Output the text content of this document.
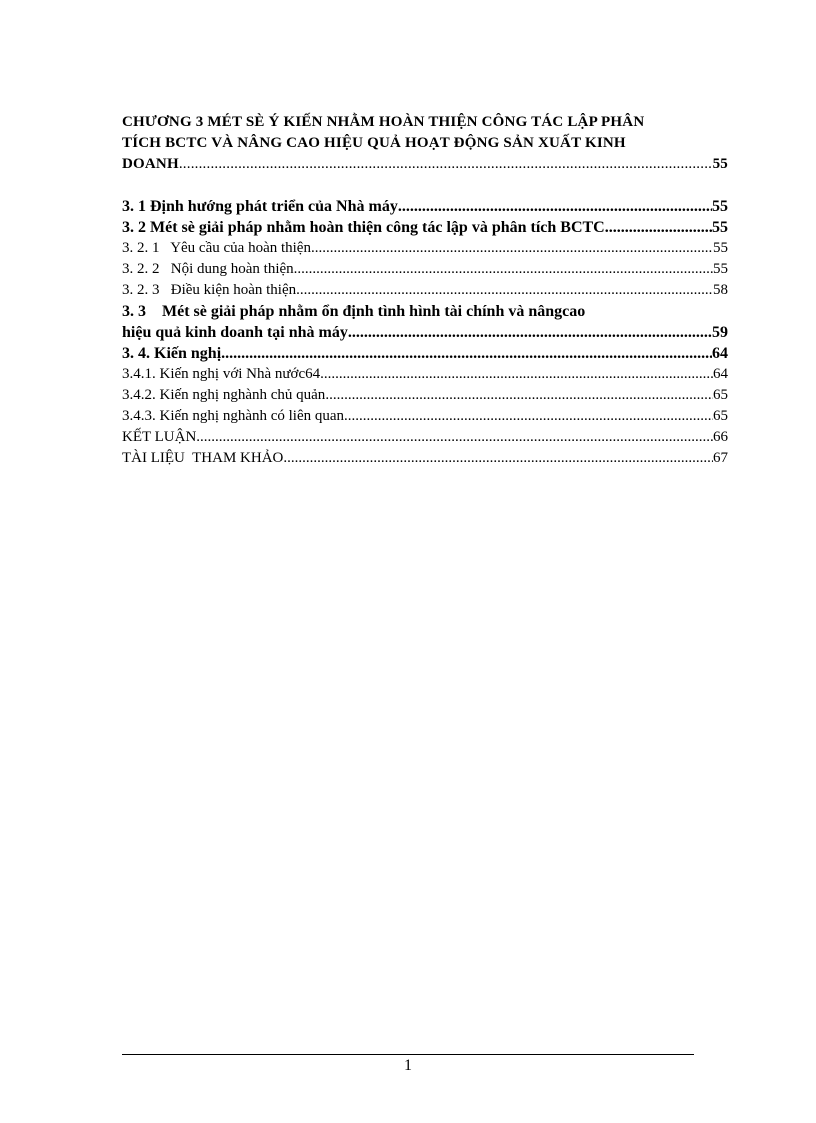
CHƯƠNG 3 MÉT SÈ Ý KIẾN NHẰM HOÀN THIỆN CÔNG TÁC LẬP PHÂN
TÍCH BCTC VÀ NÂNG CAO HIỆU QUẢ HOẠT ĐỘNG SẢN XUẤT KINH
DOANH .....	55
3. 1 Định hướng phát triển của Nhà máy .....	55
3. 2 Mét sè giải pháp nhằm hoàn thiện công tác lập và phân tích BCTC .....	55
3. 2. 1   Yêu cầu của hoàn thiện .....	55
3. 2. 2   Nội dung hoàn thiện .....	55
3. 2. 3   Điều kiện hoàn thiện .....	58
3. 3    Mét sè giải pháp nhằm ổn định tình hình tài chính và nângcao
hiệu quả kinh doanh tại nhà máy .....	59
3. 4. Kiến nghị .....	64
3.4.1. Kiến nghị với Nhà nước64 .....	64
3.4.2. Kiến nghị nghành chủ quản .....	65
3.4.3. Kiến nghị nghành có liên quan .....	65
KẾT LUẬN .....	66
TÀI LIỆU  THAM KHẢO .....	67
1
